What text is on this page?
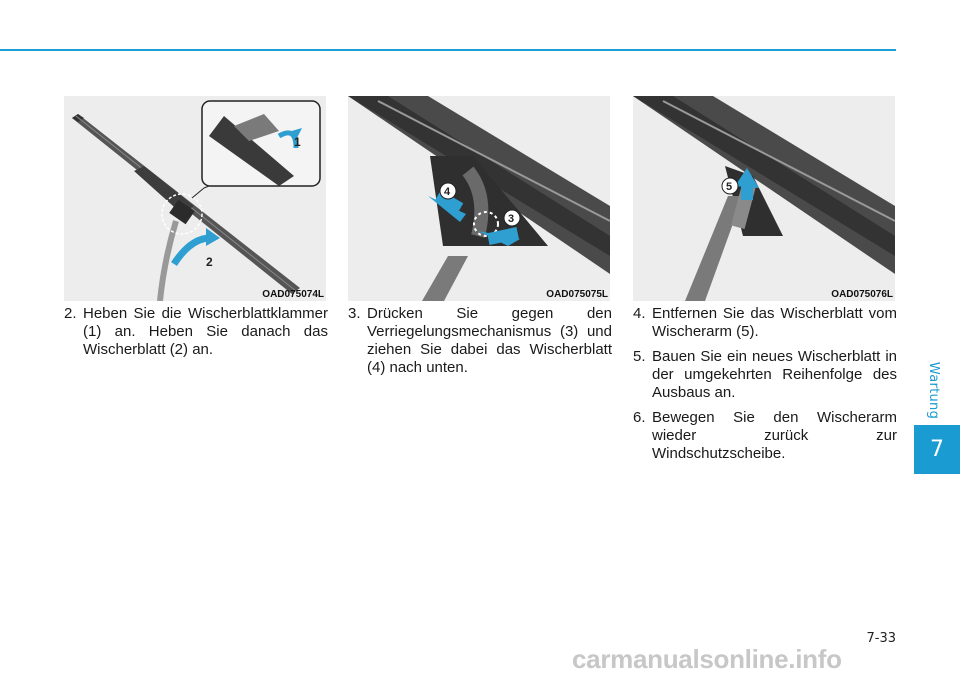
1
2
OAD075074L
4
3
OAD075075L
5
OAD075076L
2. Heben Sie die Wischerblattklammer (1) an. Heben Sie danach das Wischerblatt (2) an.
3. Drücken Sie gegen den Verriegelungsmechanismus (3) und ziehen Sie dabei das Wischerblatt (4) nach unten.
4. Entfernen Sie das Wischerblatt vom Wischerarm (5).
5. Bauen Sie ein neues Wischerblatt in der umgekehrten Reihenfolge des Ausbaus an.
6. Bewegen Sie den Wischerarm wieder zurück zur Windschutzscheibe.
Wartung
7
7-33
carmanualsonline.info
